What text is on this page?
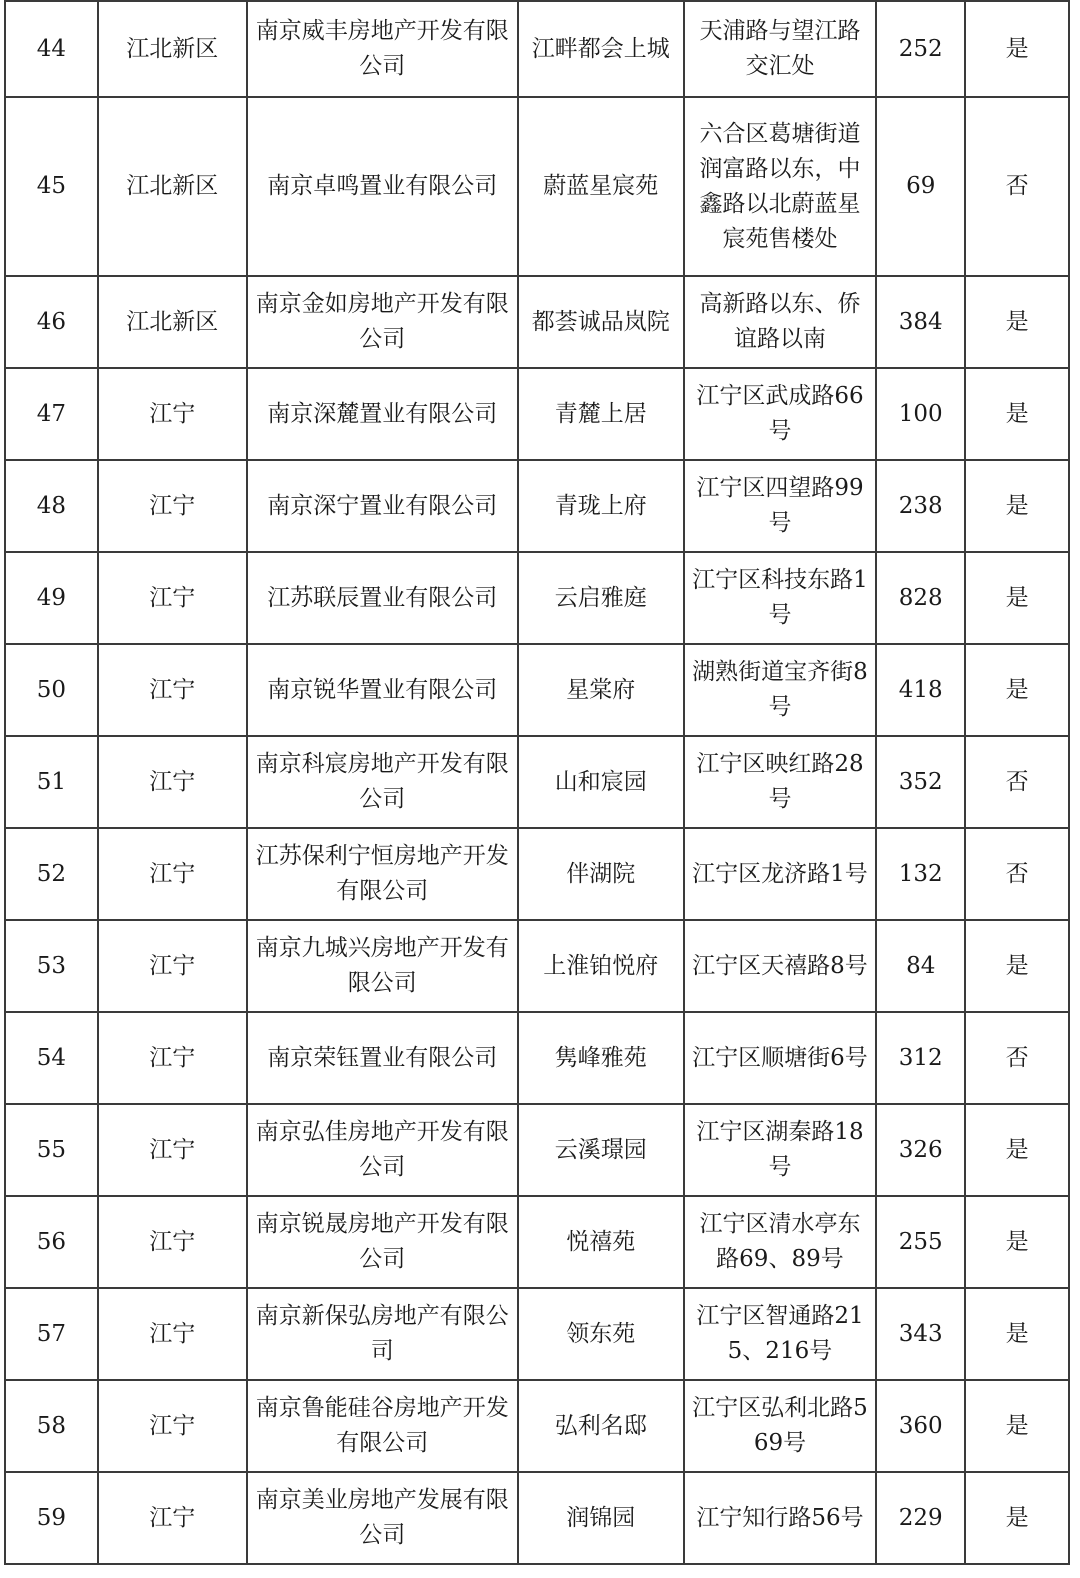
44	江北新区	南京威丰房地产开发有限公司	江畔都会上城	天浦路与望江路交汇处	252	是
45	江北新区	南京卓鸣置业有限公司	蔚蓝星宸苑	六合区葛塘街道润富路以东，中鑫路以北蔚蓝星宸苑售楼处	69	否
46	江北新区	南京金如房地产开发有限公司	都荟诚品岚院	高新路以东、侨谊路以南	384	是
47	江宁	南京深麓置业有限公司	青麓上居	江宁区武成路66号	100	是
48	江宁	南京深宁置业有限公司	青珑上府	江宁区四望路99号	238	是
49	江宁	江苏联辰置业有限公司	云启雅庭	江宁区科技东路1号	828	是
50	江宁	南京锐华置业有限公司	星棠府	湖熟街道宝齐街8号	418	是
51	江宁	南京科宸房地产开发有限公司	山和宸园	江宁区映红路28号	352	否
52	江宁	江苏保利宁恒房地产开发有限公司	伴湖院	江宁区龙济路1号	132	否
53	江宁	南京九城兴房地产开发有限公司	上淮铂悦府	江宁区天禧路8号	84	是
54	江宁	南京荣钰置业有限公司	隽峰雅苑	江宁区顺塘街6号	312	否
55	江宁	南京弘佳房地产开发有限公司	云溪璟园	江宁区湖秦路18号	326	是
56	江宁	南京锐晟房地产开发有限公司	悦禧苑	江宁区清水亭东路69、89号	255	是
57	江宁	南京新保弘房地产有限公司	领东苑	江宁区智通路215、216号	343	是
58	江宁	南京鲁能硅谷房地产开发有限公司	弘利名邸	江宁区弘利北路569号	360	是
59	江宁	南京美业房地产发展有限公司	润锦园	江宁知行路56号	229	是
